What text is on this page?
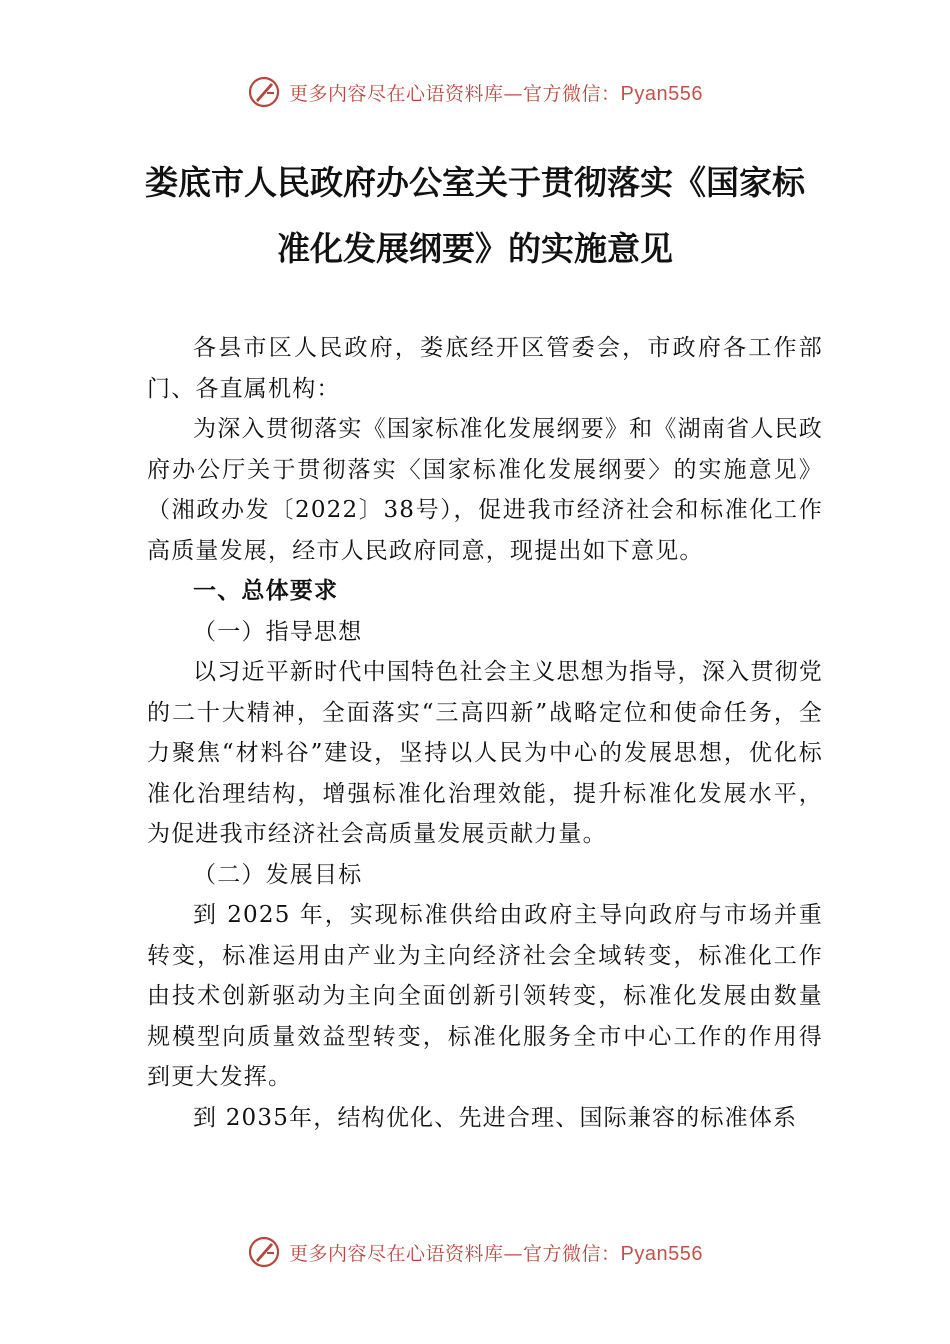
更多内容尽在心语资料库—官方微信：Pyan556
娄底市人民政府办公室关于贯彻落实《国家标准化发展纲要》的实施意见

各县市区人民政府，娄底经开区管委会，市政府各工作部门、各直属机构：

为深入贯彻落实《国家标准化发展纲要》和《湖南省人民政府办公厅关于贯彻落实〈国家标准化发展纲要〉的实施意见》（湘政办发〔2022〕38号），促进我市经济社会和标准化工作高质量发展，经市人民政府同意，现提出如下意见。

一、总体要求

（一）指导思想

以习近平新时代中国特色社会主义思想为指导，深入贯彻党的二十大精神，全面落实“三高四新”战略定位和使命任务，全力聚焦“材料谷”建设，坚持以人民为中心的发展思想，优化标准化治理结构，增强标准化治理效能，提升标准化发展水平，为促进我市经济社会高质量发展贡献力量。

（二）发展目标

到 2025 年，实现标准供给由政府主导向政府与市场并重转变，标准运用由产业为主向经济社会全域转变，标准化工作由技术创新驱动为主向全面创新引领转变，标准化发展由数量规模型向质量效益型转变，标准化服务全市中心工作的作用得到更大发挥。

到 2035年，结构优化、先进合理、国际兼容的标准体系

更多内容尽在心语资料库—官方微信：Pyan556
